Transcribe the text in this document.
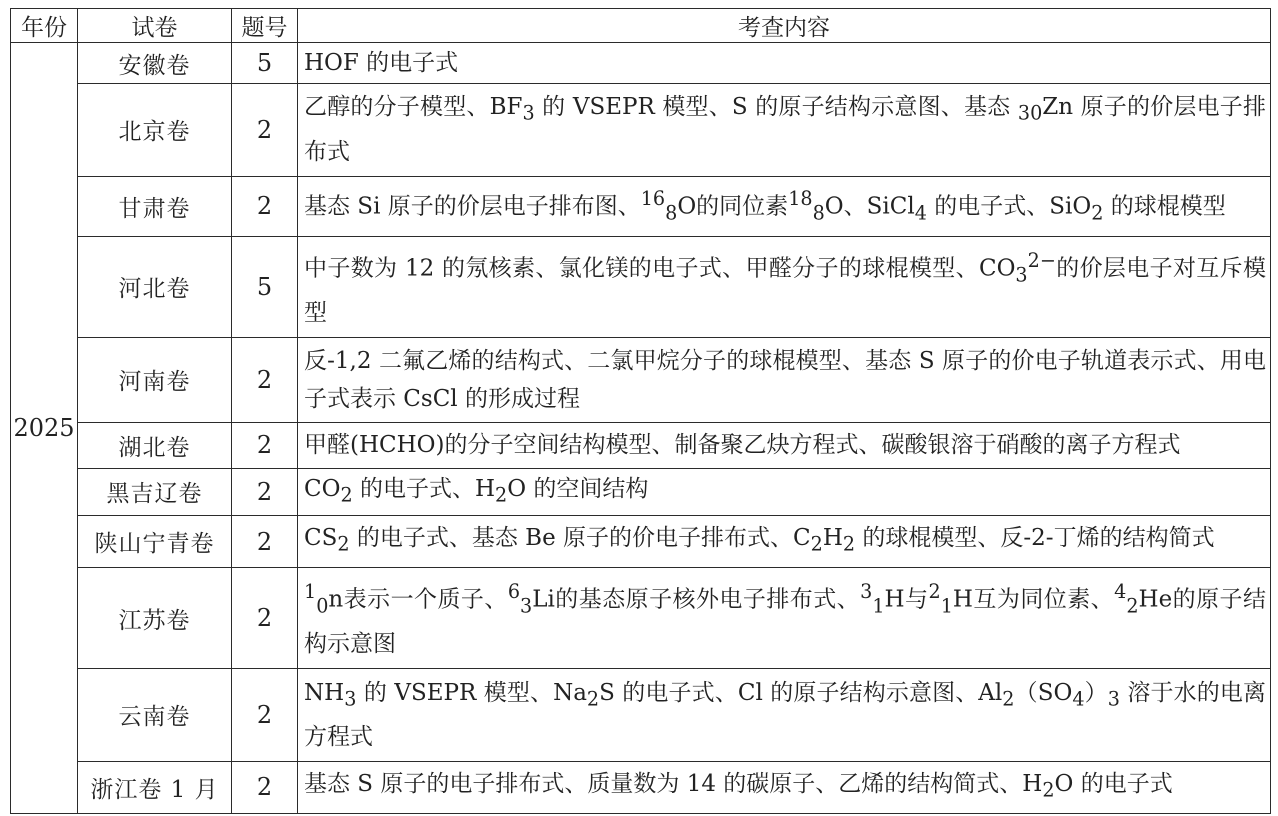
年份	试卷	题号	考查内容
2025	安徽卷	5	HOF 的电子式
	北京卷	2	乙醇的分子模型、$BF_3$ 的 VSEPR 模型、S 的原子结构示意图、基态 $_{30}$Zn 原子的价层电子排布式
	甘肃卷	2	基态 Si 原子的价层电子排布图、$^{16}_8$O的同位素$^{18}_8$O、SiCl$_4$ 的电子式、SiO$_2$ 的球棍模型
	河北卷	5	中子数为 12 的氖核素、氯化镁的电子式、甲醛分子的球棍模型、$CO_3^{2-}$的价层电子对互斥模型
	河南卷	2	反-1,2 二氟乙烯的结构式、二氯甲烷分子的球棍模型、基态 S 原子的价电子轨道表示式、用电子式表示 CsCl 的形成过程
	湖北卷	2	甲醛(HCHO)的分子空间结构模型、制备聚乙炔方程式、碳酸银溶于硝酸的离子方程式
	黑吉辽卷	2	$CO_2$ 的电子式、$H_2O$ 的空间结构
	陕山宁青卷	2	$CS_2$ 的电子式、基态 Be 原子的价电子排布式、$C_2H_2$ 的球棍模型、反-2-丁烯的结构简式
	江苏卷	2	$^1_0$n表示一个质子、$^6_3$Li的基态原子核外电子排布式、$^3_1$H与$^2_1$H互为同位素、$^4_2$He的原子结构示意图
	云南卷	2	$NH_3$ 的 VSEPR 模型、$Na_2S$ 的电子式、Cl 的原子结构示意图、$Al_2(SO_4)_3$ 溶于水的电离方程式
	浙江卷 1 月	2	基态 S 原子的电子排布式、质量数为 14 的碳原子、乙烯的结构简式、$H_2O$ 的电子式
